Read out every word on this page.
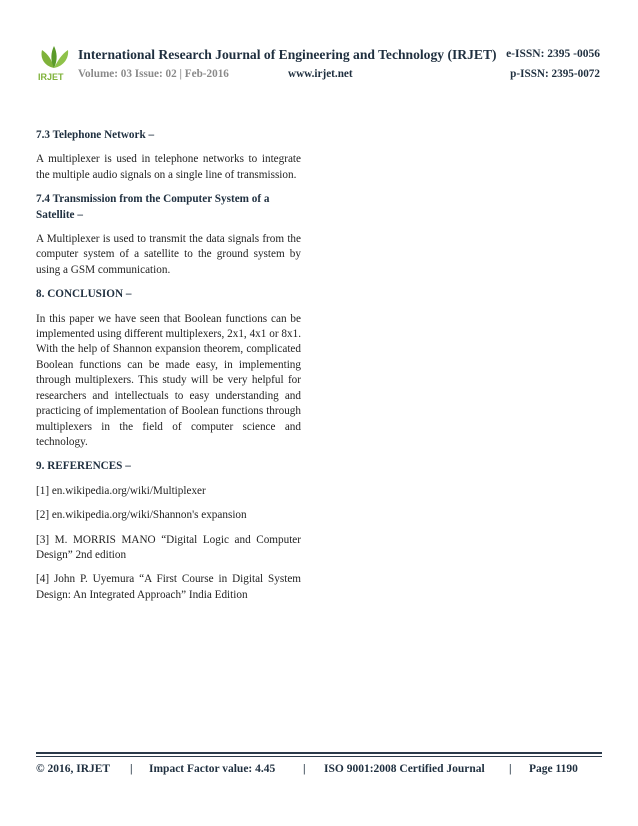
IRJET
International Research Journal of Engineering and Technology (IRJET) e-ISSN: 2395 -0056
Volume: 03 Issue: 02 | Feb-2016	www.irjet.net	p-ISSN: 2395-0072
7.3 Telephone Network –

A multiplexer is used in telephone networks to integrate the multiple audio signals on a single line of transmission.

7.4 Transmission from the Computer System of a Satellite –

A Multiplexer is used to transmit the data signals from the computer system of a satellite to the ground system by using a GSM communication.

8. CONCLUSION –

In this paper we have seen that Boolean functions can be implemented using different multiplexers, 2x1, 4x1 or 8x1. With the help of Shannon expansion theorem, complicated Boolean functions can be made easy, in implementing through multiplexers. This study will be very helpful for researchers and intellectuals to easy understanding and practicing of implementation of Boolean functions through multiplexers in the field of computer science and technology.

9. REFERENCES –

[1] en.wikipedia.org/wiki/Multiplexer

[2] en.wikipedia.org/wiki/Shannon's expansion

[3] M. MORRIS MANO “Digital Logic and Computer Design” 2nd edition

[4] John P. Uyemura “A First Course in Digital System Design: An Integrated Approach” India Edition

© 2016, IRJET | Impact Factor value: 4.45 | ISO 9001:2008 Certified Journal | Page 1190
